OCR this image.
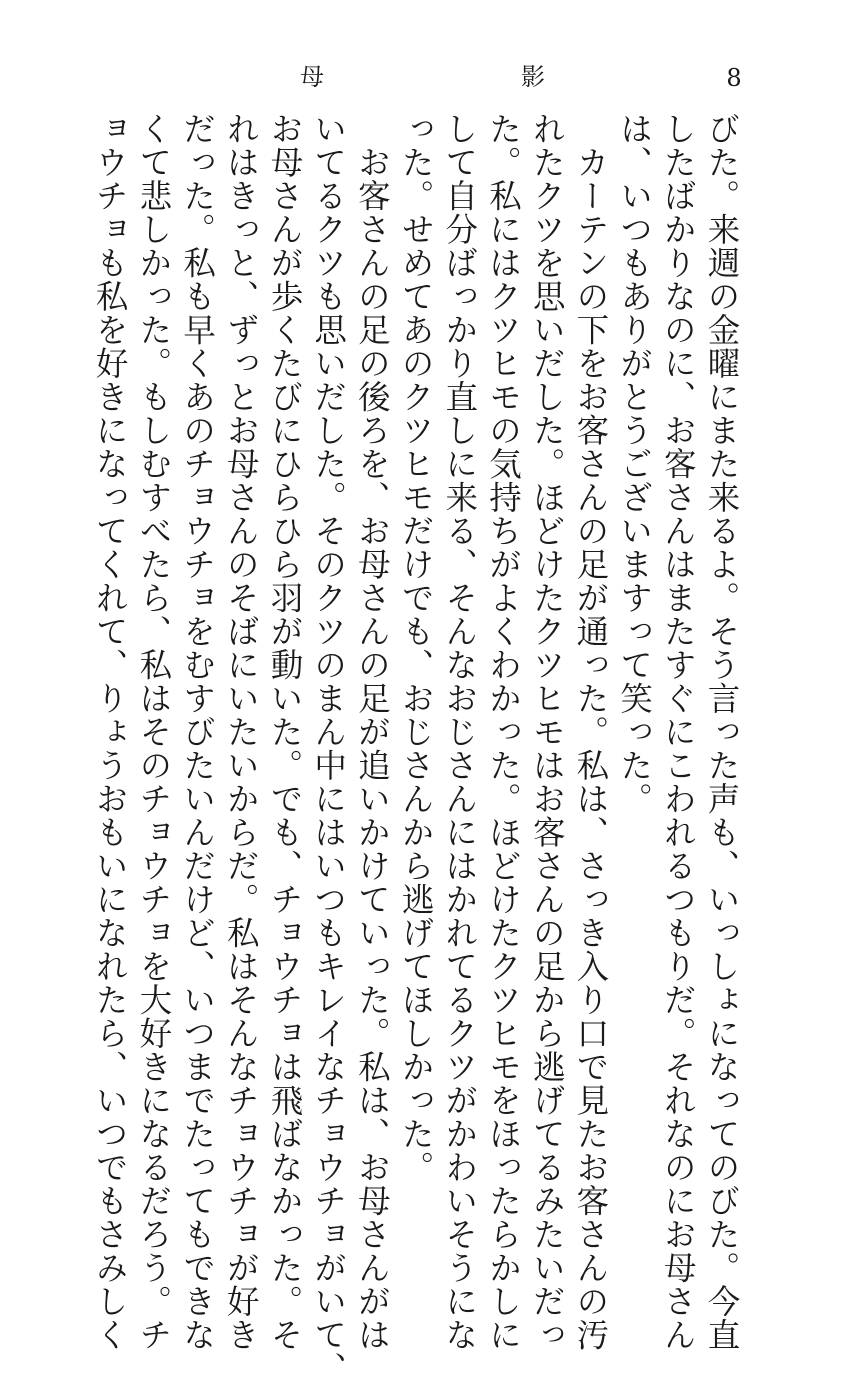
母	影	8
びた。来週の金曜にまた来るよ。そう言った声も、いっしょになってのびた。今直
したばかりなのに、お客さんはまたすぐにこわれるつもりだ。それなのにお母さん
は、いつもありがとうございますって笑った。
　カーテンの下をお客さんの足が通った。私は、さっき入り口で見たお客さんの汚
れたクツを思いだした。ほどけたクツヒモはお客さんの足から逃げてるみたいだっ
た。私にはクツヒモの気持ちがよくわかった。ほどけたクツヒモをほったらかしに
して自分ばっかり直しに来る、そんなおじさんにはかれてるクツがかわいそうにな
った。せめてあのクツヒモだけでも、おじさんから逃げてほしかった。
　お客さんの足の後ろを、お母さんの足が追いかけていった。私は、お母さんがは
いてるクツも思いだした。そのクツのまん中にはいつもキレイなチョウチョがいて、
お母さんが歩くたびにひらひら羽が動いた。でも、チョウチョは飛ばなかった。そ
れはきっと、ずっとお母さんのそばにいたいからだ。私はそんなチョウチョが好き
だった。私も早くあのチョウチョをむすびたいんだけど、いつまでたってもできな
くて悲しかった。もしむすべたら、私はそのチョウチョを大好きになるだろう。チ
ョウチョも私を好きになってくれて、りょうおもいになれたら、いつでもさみしく
